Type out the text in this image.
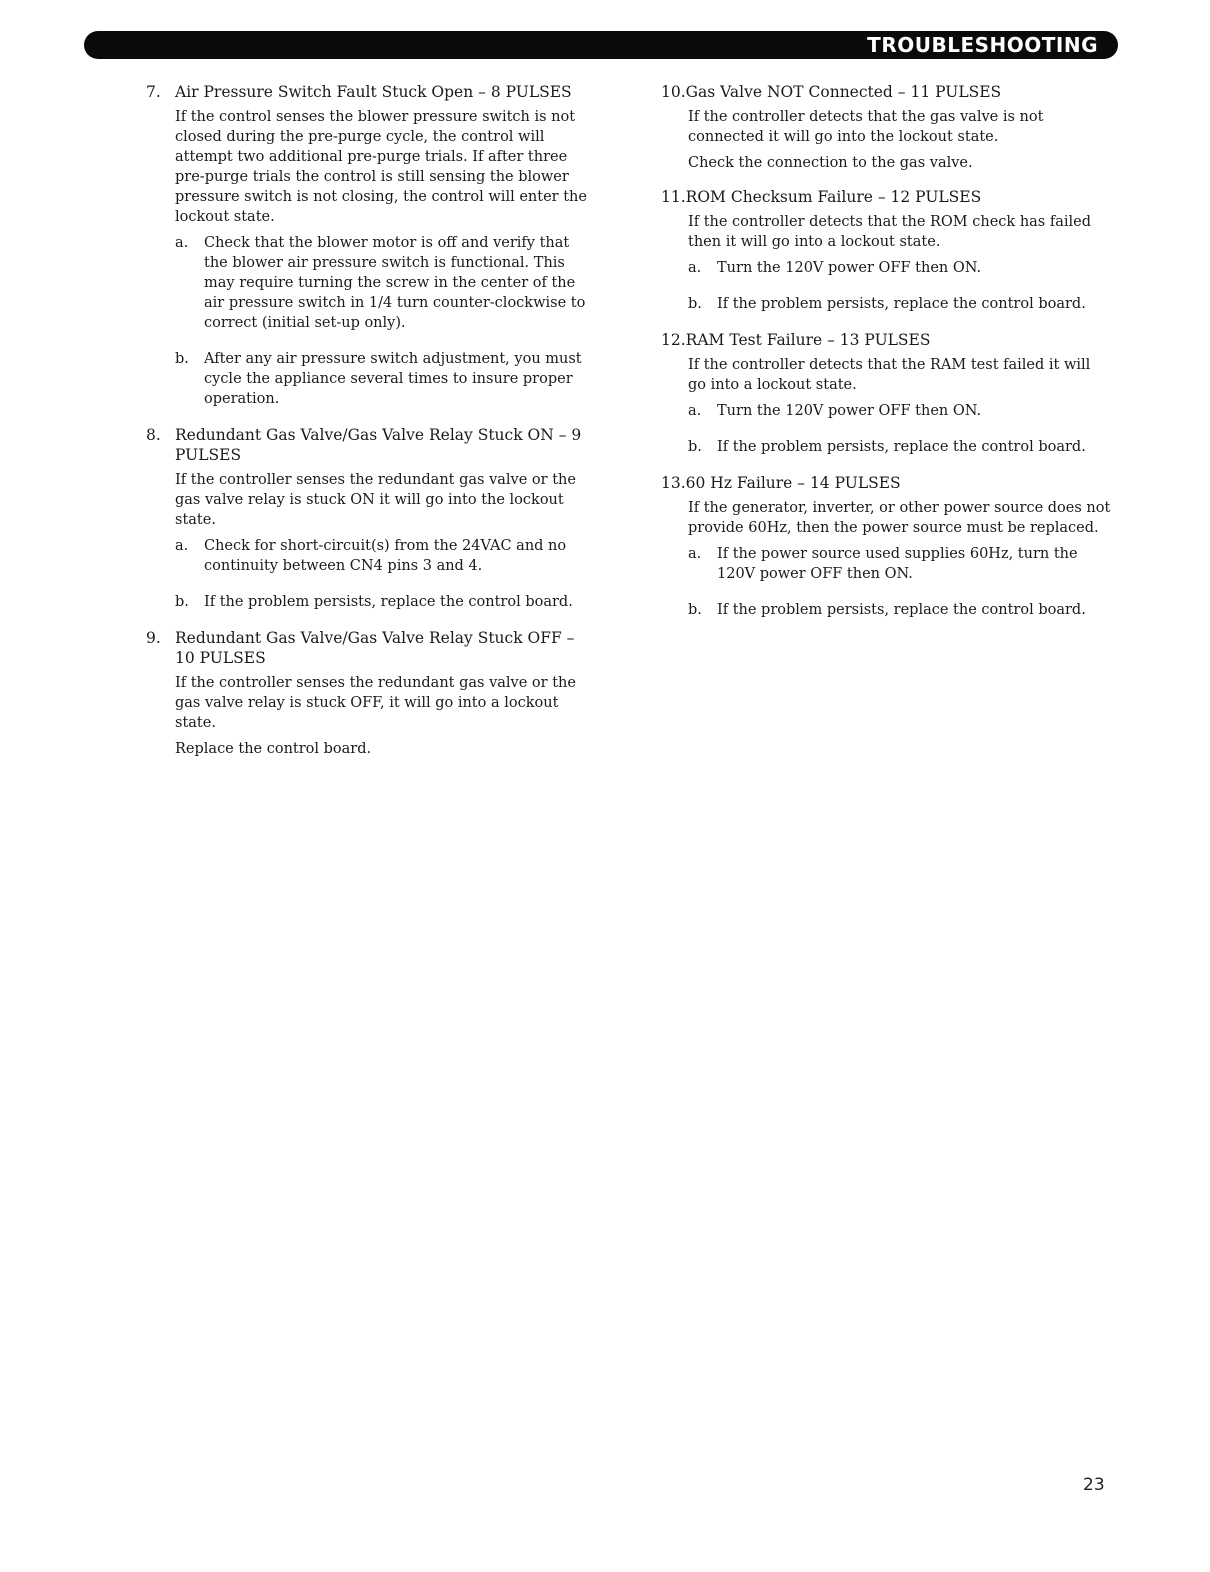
TROUBLESHOOTING
7. Air Pressure Switch Fault Stuck Open – 8 PULSES

If the control senses the blower pressure switch is not closed during the pre-purge cycle, the control will attempt two additional pre-purge trials. If after three pre-purge trials the control is still sensing the blower pressure switch is not closing, the control will enter the lockout state.

a. Check that the blower motor is off and verify that the blower air pressure switch is functional. This may require turning the screw in the center of the air pressure switch in 1/4 turn counter-clockwise to correct (initial set-up only).
b. After any air pressure switch adjustment, you must cycle the appliance several times to insure proper operation.
8. Redundant Gas Valve/Gas Valve Relay Stuck ON – 9 PULSES

If the controller senses the redundant gas valve or the gas valve relay is stuck ON it will go into the lockout state.

a. Check for short-circuit(s) from the 24VAC and no continuity between CN4 pins 3 and 4.
b. If the problem persists, replace the control board.
9. Redundant Gas Valve/Gas Valve Relay Stuck OFF – 10 PULSES

If the controller senses the redundant gas valve or the gas valve relay is stuck OFF, it will go into a lockout state.

Replace the control board.

10.Gas Valve NOT Connected – 11 PULSES

If the controller detects that the gas valve is not connected it will go into the lockout state.

Check the connection to the gas valve.

11.ROM Checksum Failure – 12 PULSES

If the controller detects that the ROM check has failed then it will go into a lockout state.

a. Turn the 120V power OFF then ON.
b. If the problem persists, replace the control board.
12.RAM Test Failure – 13 PULSES

If the controller detects that the RAM test failed it will go into a lockout state.

a. Turn the 120V power OFF then ON.
b. If the problem persists, replace the control board.
13.60 Hz Failure – 14 PULSES

If the generator, inverter, or other power source does not provide 60Hz, then the power source must be replaced.

a. If the power source used supplies 60Hz, turn the 120V power OFF then ON.
b. If the problem persists, replace the control board.
23
